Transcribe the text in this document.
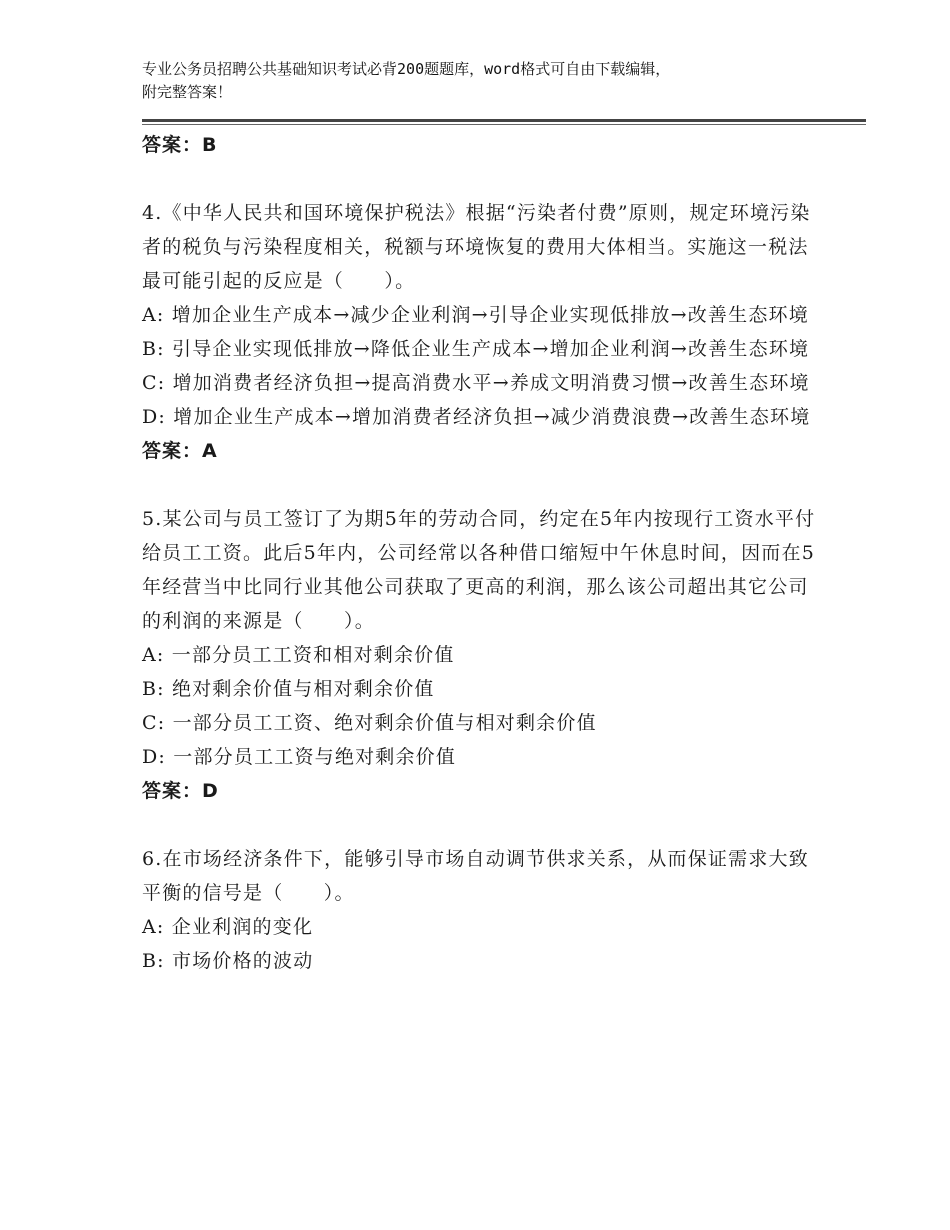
专业公务员招聘公共基础知识考试必背200题题库，word格式可自由下载编辑，
附完整答案！

答案：B

4.《中华人民共和国环境保护税法》根据“污染者付费”原则，规定环境污染者的税负与污染程度相关，税额与环境恢复的费用大体相当。实施这一税法最可能引起的反应是（　　）。

A: 增加企业生产成本→减少企业利润→引导企业实现低排放→改善生态环境

B: 引导企业实现低排放→降低企业生产成本→增加企业利润→改善生态环境

C: 增加消费者经济负担→提高消费水平→养成文明消费习惯→改善生态环境

D: 增加企业生产成本→增加消费者经济负担→减少消费浪费→改善生态环境

答案：A

5.某公司与员工签订了为期5年的劳动合同，约定在5年内按现行工资水平付给员工工资。此后5年内，公司经常以各种借口缩短中午休息时间，因而在5年经营当中比同行业其他公司获取了更高的利润，那么该公司超出其它公司的利润的来源是（　　）。

A: 一部分员工工资和相对剩余价值

B: 绝对剩余价值与相对剩余价值

C: 一部分员工工资、绝对剩余价值与相对剩余价值

D: 一部分员工工资与绝对剩余价值

答案：D

6.在市场经济条件下，能够引导市场自动调节供求关系，从而保证需求大致平衡的信号是（　　）。

A: 企业利润的变化

B: 市场价格的波动
